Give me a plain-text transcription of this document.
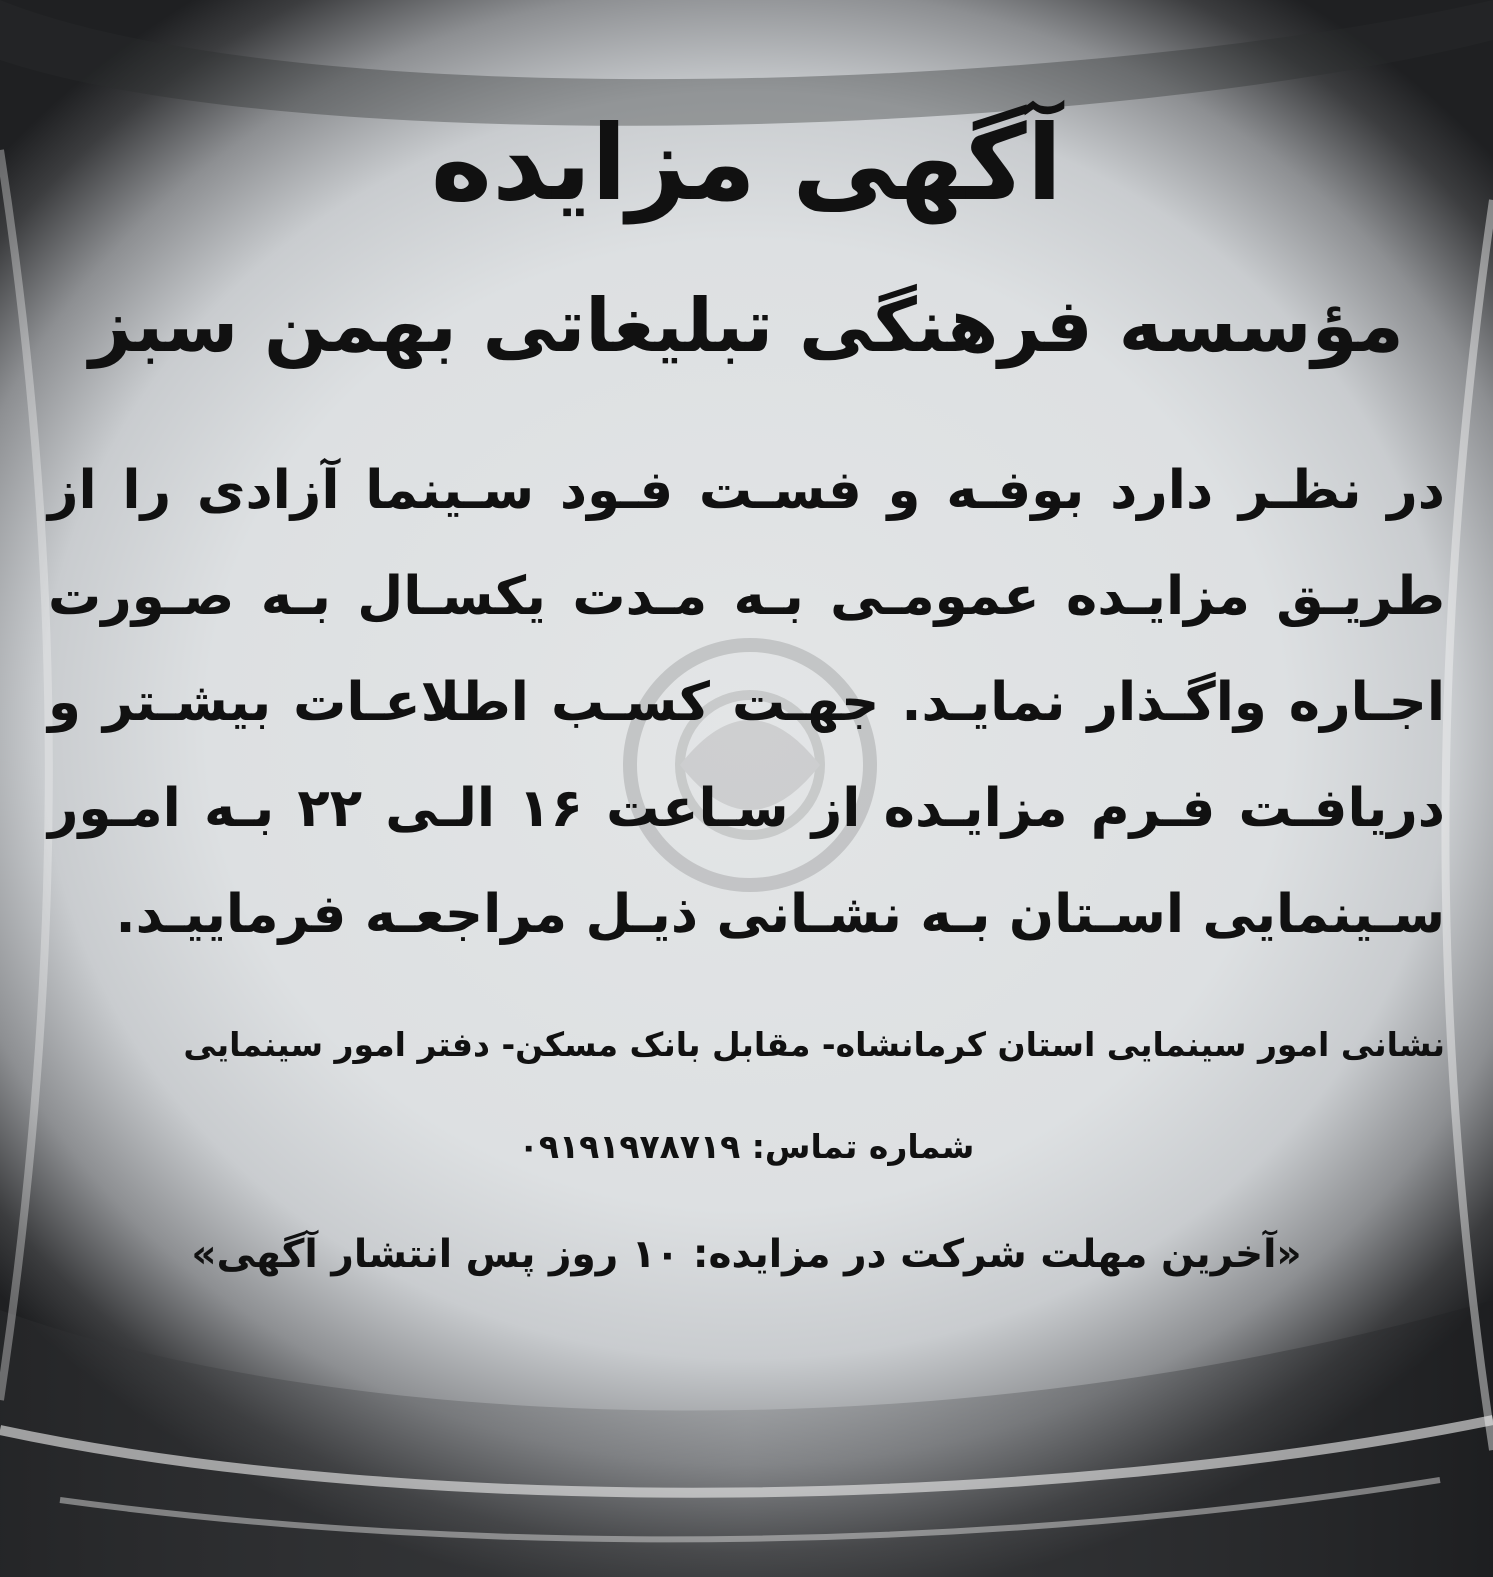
آگهی مزایده
مؤسسه فرهنگی تبلیغاتی بهمن سبز
در نظـر دارد بوفـه و فسـت فـود سـینما آزادی را از
طریـق مزایـده عمومـی بـه مـدت یکسـال بـه صـورت
اجـاره واگـذار نمایـد. جهـت کسـب اطلاعـات بیشـتر و
دریافـت فـرم مزایـده از سـاعت ۱۶ الـی ۲۲ بـه امـور
سـینمایی اسـتان بـه نشـانی ذیـل مراجعـه فرماییـد.
نشانی امور سینمایی استان کرمانشاه- مقابل بانک مسکن- دفتر امور سینمایی
شماره تماس: ۰۹۱۹۱۹۷۸۷۱۹
«آخرین مهلت شرکت در مزایده: ۱۰ روز پس انتشار آگهی»
